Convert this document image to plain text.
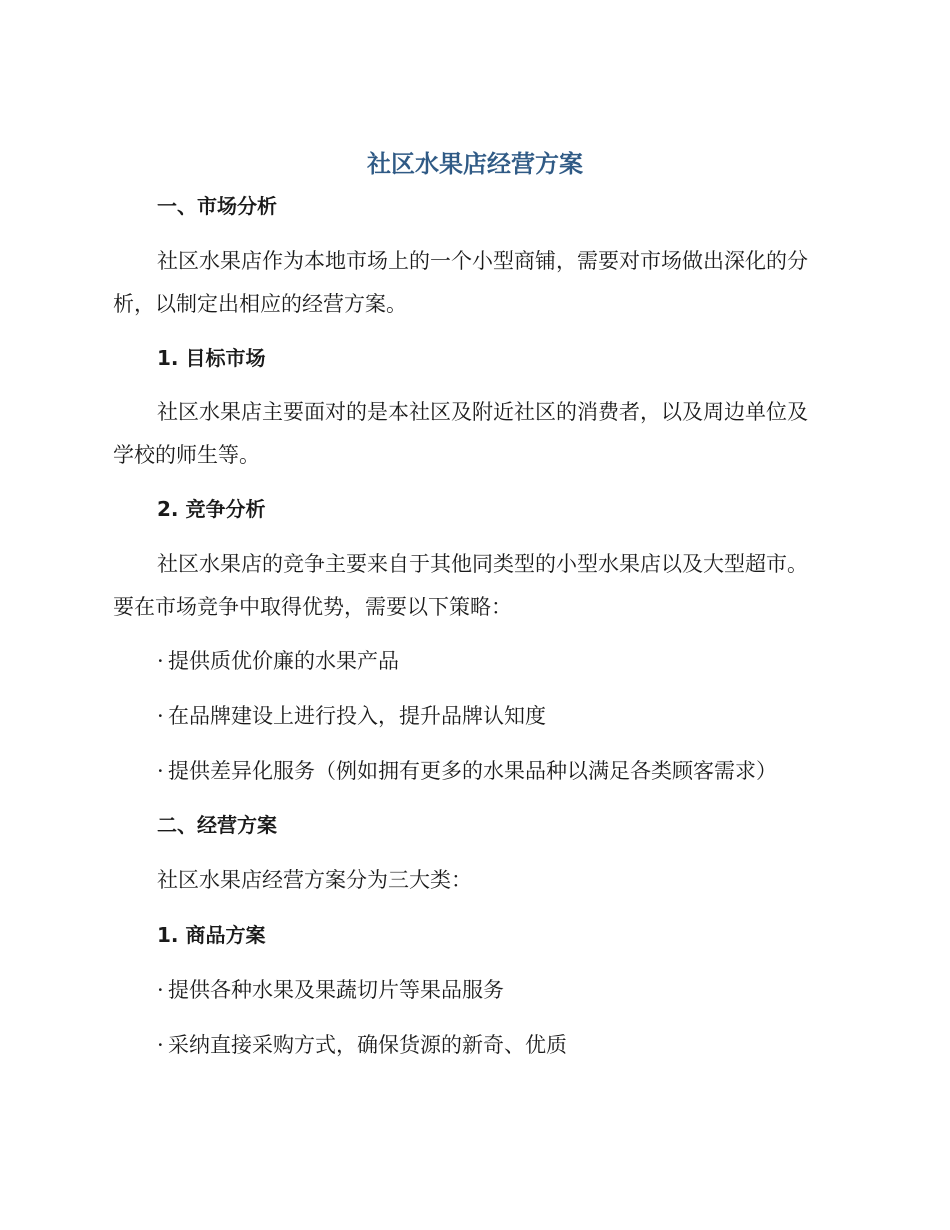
社区水果店经营方案
一、市场分析
社区水果店作为本地市场上的一个小型商铺，需要对市场做出深化的分
析，以制定出相应的经营方案。
1. 目标市场
社区水果店主要面对的是本社区及附近社区的消费者，以及周边单位及
学校的师生等。
2. 竞争分析
社区水果店的竞争主要来自于其他同类型的小型水果店以及大型超市。
要在市场竞争中取得优势，需要以下策略：
· 提供质优价廉的水果产品
· 在品牌建设上进行投入，提升品牌认知度
· 提供差异化服务（例如拥有更多的水果品种以满足各类顾客需求）
二、经营方案
社区水果店经营方案分为三大类：
1. 商品方案
· 提供各种水果及果蔬切片等果品服务
· 采纳直接采购方式，确保货源的新奇、优质
